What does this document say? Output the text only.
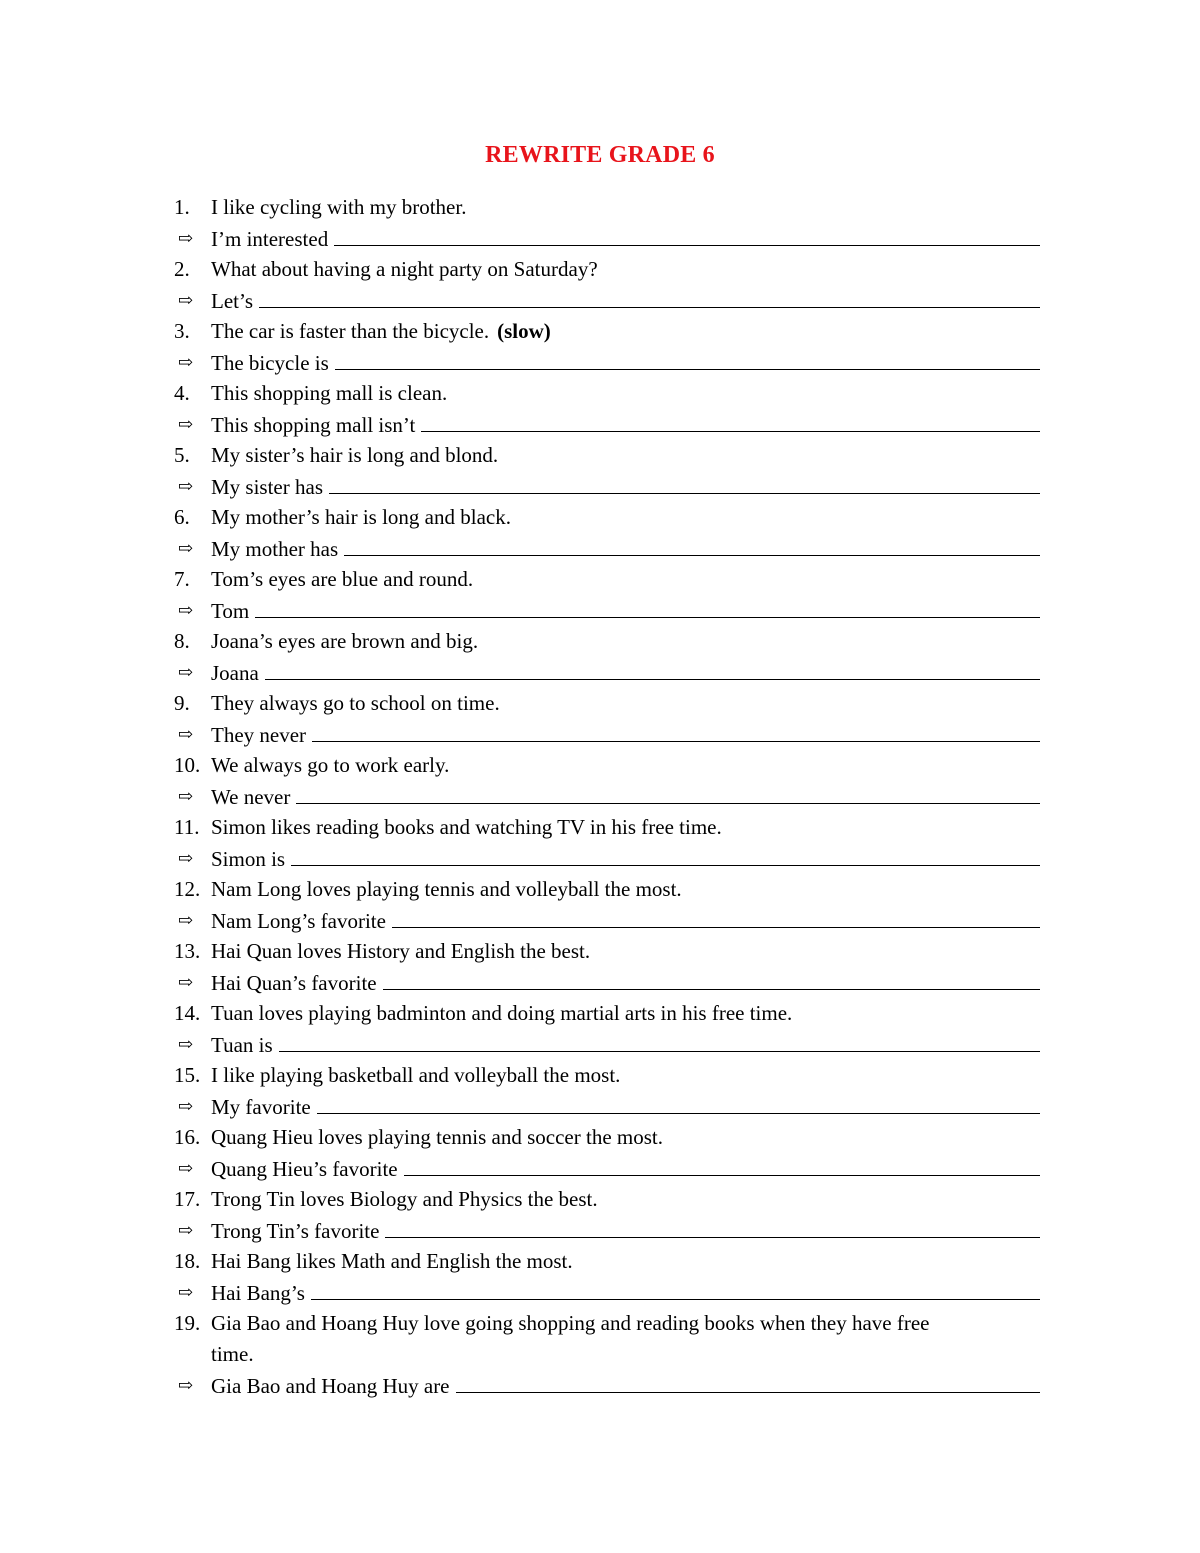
REWRITE GRADE 6
1.	I like cycling with my brother.
⇨ I’m interested
2.	What about having a night party on Saturday?
⇨ Let’s
3.	The car is faster than the bicycle. (slow)
⇨ The bicycle is
4.	This shopping mall is clean.
⇨ This shopping mall isn’t
5.	My sister’s hair is long and blond.
⇨ My sister has
6.	My mother’s hair is long and black.
⇨ My mother has
7.	Tom’s eyes are blue and round.
⇨ Tom
8.	Joana’s eyes are brown and big.
⇨ Joana
9.	They always go to school on time.
⇨ They never
10. We always go to work early.
⇨ We never
11. Simon likes reading books and watching TV in his free time.
⇨ Simon is
12. Nam Long loves playing tennis and volleyball the most.
⇨ Nam Long’s favorite
13. Hai Quan loves History and English the best.
⇨ Hai Quan’s favorite
14. Tuan loves playing badminton and doing martial arts in his free time.
⇨ Tuan is
15. I like playing basketball and volleyball the most.
⇨ My favorite
16. Quang Hieu loves playing tennis and soccer the most.
⇨ Quang Hieu’s favorite
17. Trong Tin loves Biology and Physics the best.
⇨ Trong Tin’s favorite
18. Hai Bang likes Math and English the most.
⇨ Hai Bang’s
19. Gia Bao and Hoang Huy love going shopping and reading books when they have free
time.
⇨ Gia Bao and Hoang Huy are
